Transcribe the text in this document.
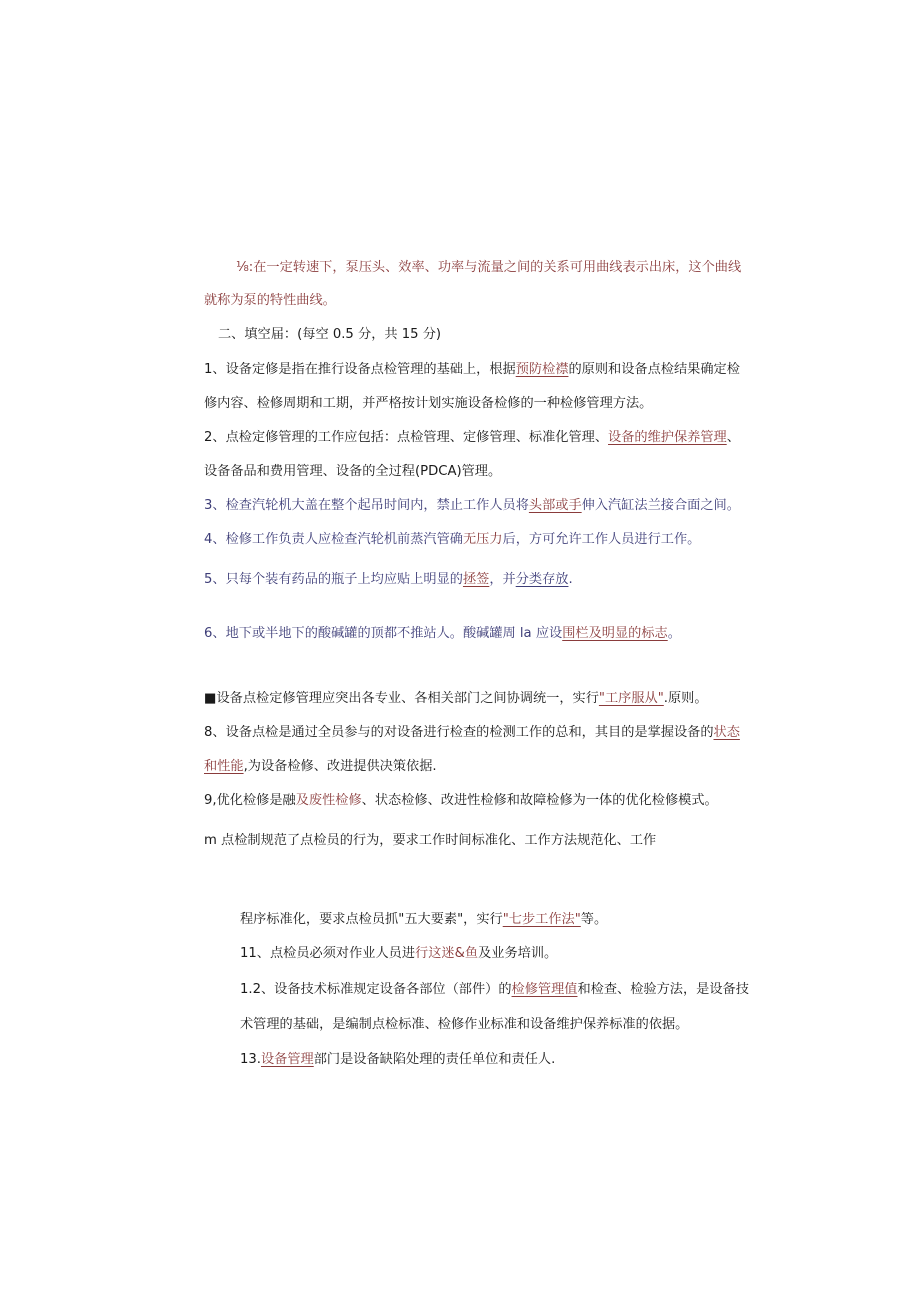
⅛:在一定转速下，泵压头、效率、功率与流量之间的关系可用曲线表示出床，这个曲线

就称为泵的特性曲线。

二、填空届：(每空 0.5 分，共 15 分)

1、设备定修是指在推行设备点检管理的基础上，根据预防检襟的原则和设备点检结果确定检

修内容、检修周期和工期，并严格按计划实施设备检修的一种检修管理方法。

2、点检定修管理的工作应包括：点检管理、定修管理、标准化管理、设备的维护保养管理、

设备备品和费用管理、设备的全过程(PDCA)管理。

3、检查汽轮机大盖在整个起吊时间内，禁止工作人员将头部或手伸入汽缸法兰接合面之间。

4、检修工作负责人应检查汽轮机前蒸汽管确无压力后，方可允许工作人员进行工作。

5、只每个装有药品的瓶子上均应贴上明显的拯签，并分类存放.

6、地下或半地下的酸碱罐的顶都不推站人。酸碱罐周 la 应设围栏及明显的标志。

■设备点检定修管理应突出各专业、各相关部门之间协调统一，实行"工序服从".原则。

8、设备点检是通过全员参与的对设备进行检查的检测工作的总和，其目的是掌握设备的状态

和性能,为设备检修、改进提供决策依据.

9,优化检修是融及废性检修、状态检修、改进性检修和故障检修为一体的优化检修模式。

m 点检制规范了点检员的行为，要求工作时间标准化、工作方法规范化、工作

程序标准化，要求点检员抓"五大要素"，实行"七步工作法"等。

11、点检员必须对作业人员进行这迷&鱼及业务培训。

1.2、设备技术标准规定设备各部位（部件）的检修管理值和检查、检验方法，是设备技

术管理的基础，是编制点检标准、检修作业标准和设备维护保养标准的依据。

13.设备管理部门是设备缺陷处理的责任单位和责任人.
